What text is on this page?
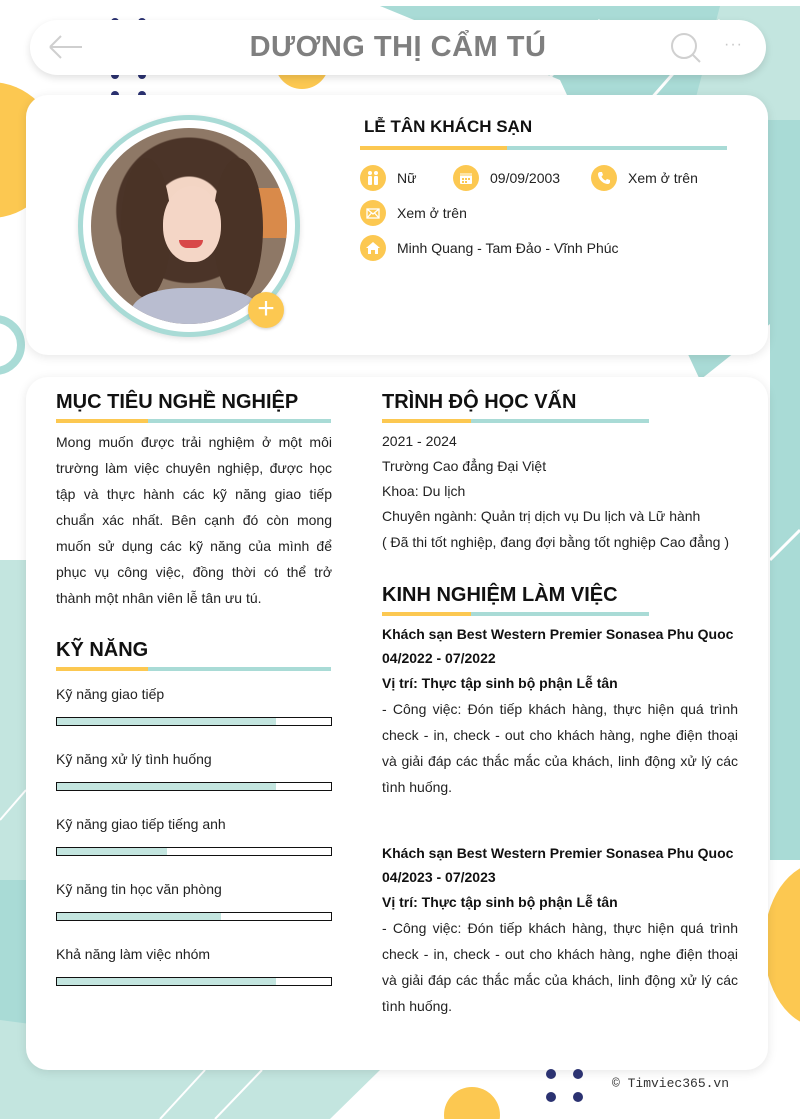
DƯƠNG THỊ CẨM TÚ	···
+
LỄ TÂN KHÁCH SẠN
Nữ	09/09/2003	Xem ở trên
Xem ở trên
Minh Quang - Tam Đảo - Vĩnh Phúc
MỤC TIÊU NGHỀ NGHIỆP
Mong muốn được trải nghiệm ở một môi trường làm việc chuyên nghiệp, được học tập và thực hành các kỹ năng giao tiếp chuẩn xác nhất. Bên cạnh đó còn mong muốn sử dụng các kỹ năng của mình để phục vụ công việc, đồng thời có thể trở thành một nhân viên lễ tân ưu tú.
KỸ NĂNG
Kỹ năng giao tiếp
Kỹ năng xử lý tình huống
Kỹ năng giao tiếp tiếng anh
Kỹ năng tin học văn phòng
Khả năng làm việc nhóm
TRÌNH ĐỘ HỌC VẤN
2021 - 2024
Trường Cao đẳng Đại Việt
Khoa: Du lịch
Chuyên ngành: Quản trị dịch vụ Du lịch và Lữ hành
( Đã thi tốt nghiệp, đang đợi bằng tốt nghiệp Cao đẳng )
KINH NGHIỆM LÀM VIỆC
Khách sạn Best Western Premier Sonasea Phu Quoc
04/2022 - 07/2022
Vị trí: Thực tập sinh bộ phận Lễ tân
- Công việc: Đón tiếp khách hàng, thực hiện quá trình check - in, check - out cho khách hàng, nghe điện thoại và giải đáp các thắc mắc của khách, linh động xử lý các tình huống.
Khách sạn Best Western Premier Sonasea Phu Quoc
04/2023 - 07/2023
Vị trí: Thực tập sinh bộ phận Lễ tân
- Công việc: Đón tiếp khách hàng, thực hiện quá trình check - in, check - out cho khách hàng, nghe điện thoại và giải đáp các thắc mắc của khách, linh động xử lý các tình huống.
© Timviec365.vn
